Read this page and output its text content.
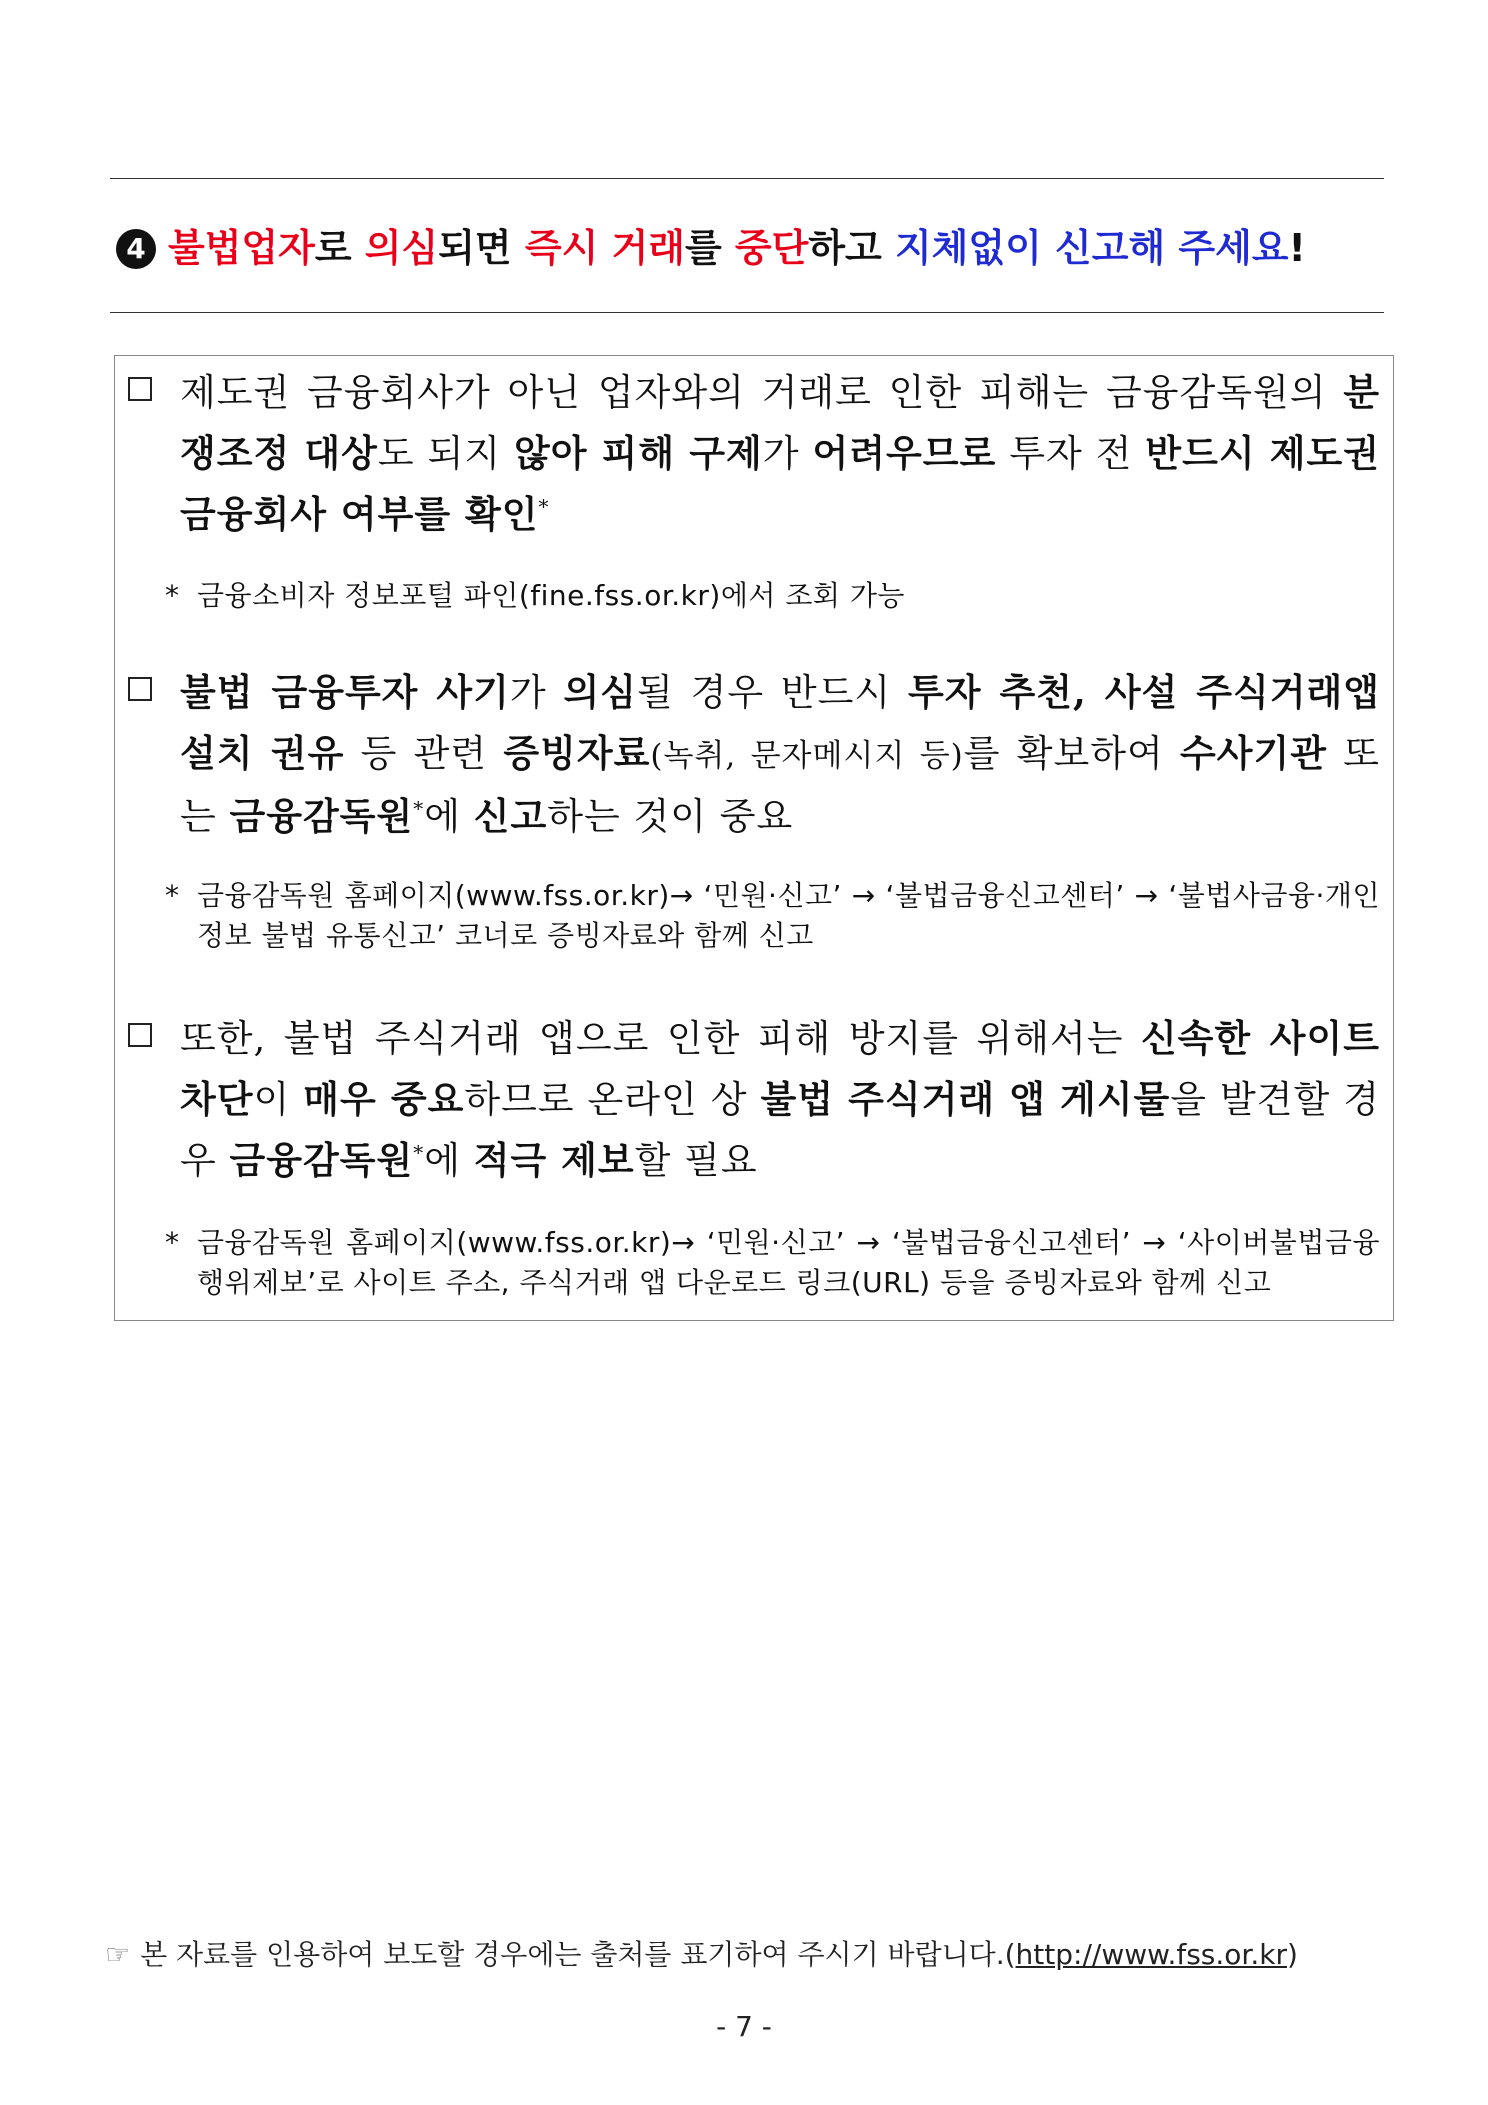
4 불법업자로 의심되면 즉시 거래를 중단하고 지체없이 신고해 주세요!

제도권 금융회사가 아닌 업자와의 거래로 인한 피해는 금융감독원의 분쟁조정 대상도 되지 않아 피해 구제가 어려우므로 투자 전 반드시 제도권 금융회사 여부를 확인*

* 금융소비자 정보포털 파인(fine.fss.or.kr)에서 조회 가능

불법 금융투자 사기가 의심될 경우 반드시 투자 추천, 사설 주식거래앱 설치 권유 등 관련 증빙자료(녹취, 문자메시지 등)를 확보하여 수사기관 또는 금융감독원*에 신고하는 것이 중요

* 금융감독원 홈페이지(www.fss.or.kr)→ ‘민원·신고’ → ‘불법금융신고센터’ → ‘불법사금융·개인정보 불법 유통신고’ 코너로 증빙자료와 함께 신고

또한, 불법 주식거래 앱으로 인한 피해 방지를 위해서는 신속한 사이트 차단이 매우 중요하므로 온라인 상 불법 주식거래 앱 게시물을 발견할 경우 금융감독원*에 적극 제보할 필요

* 금융감독원 홈페이지(www.fss.or.kr)→ ‘민원·신고’ → ‘불법금융신고센터’ → ‘사이버불법금융행위제보’로 사이트 주소, 주식거래 앱 다운로드 링크(URL) 등을 증빙자료와 함께 신고
☞ 본 자료를 인용하여 보도할 경우에는 출처를 표기하여 주시기 바랍니다.(http://www.fss.or.kr)
- 7 -
